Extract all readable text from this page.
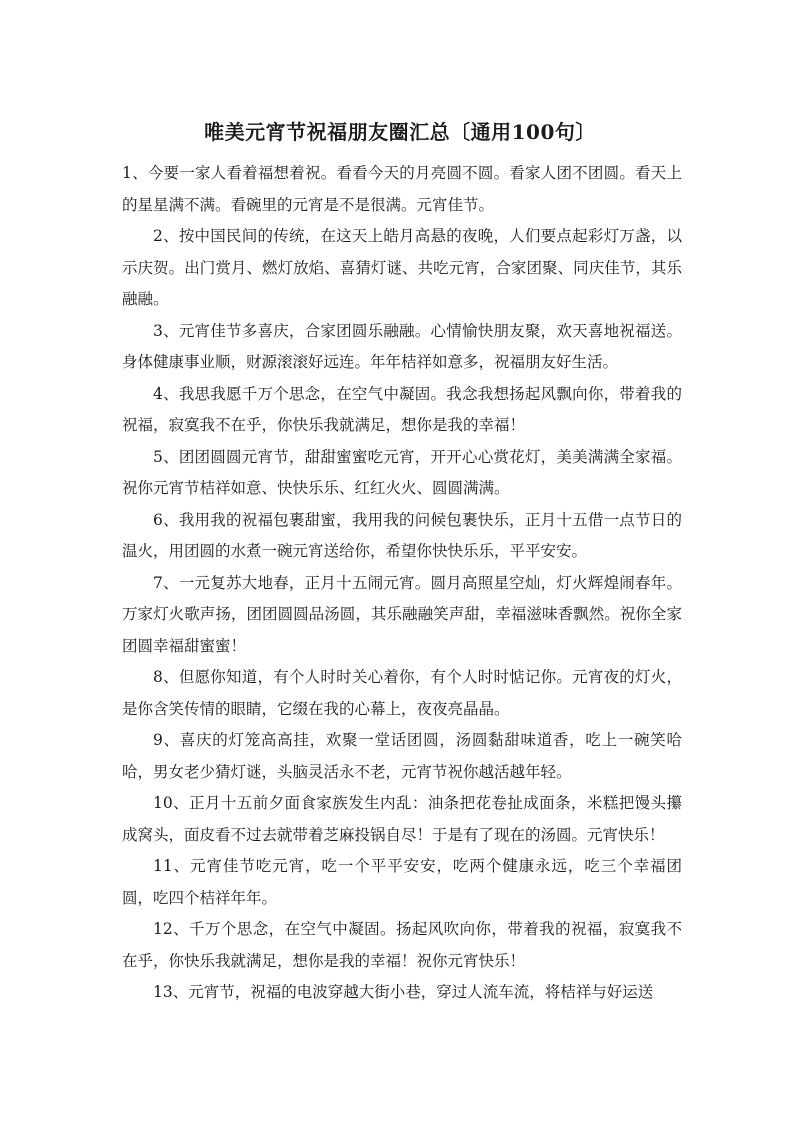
唯美元宵节祝福朋友圈汇总〔通用100句〕

1、今要一家人看着福想着祝。看看今天的月亮圆不圆。看家人团不团圆。看天上的星星满不满。看碗里的元宵是不是很满。元宵佳节。

2、按中国民间的传统，在这天上皓月高悬的夜晚，人们要点起彩灯万盏，以示庆贺。出门赏月、燃灯放焰、喜猜灯谜、共吃元宵，合家团聚、同庆佳节，其乐融融。

3、元宵佳节多喜庆，合家团圆乐融融。心情愉快朋友聚，欢天喜地祝福送。身体健康事业顺，财源滚滚好远连。年年桔祥如意多，祝福朋友好生活。

4、我思我愿千万个思念，在空气中凝固。我念我想扬起风飘向你，带着我的祝福，寂寞我不在乎，你快乐我就满足，想你是我的幸福！

5、团团圆圆元宵节，甜甜蜜蜜吃元宵，开开心心赏花灯，美美满满全家福。祝你元宵节桔祥如意、快快乐乐、红红火火、圆圆满满。

6、我用我的祝福包裹甜蜜，我用我的问候包裹快乐，正月十五借一点节日的温火，用团圆的水煮一碗元宵送给你，希望你快快乐乐，平平安安。

7、一元复苏大地春，正月十五闹元宵。圆月高照星空灿，灯火辉煌闹春年。万家灯火歌声扬，团团圆圆品汤圆，其乐融融笑声甜，幸福滋味香飘然。祝你全家团圆幸福甜蜜蜜！

8、但愿你知道，有个人时时关心着你，有个人时时惦记你。元宵夜的灯火，是你含笑传情的眼睛，它缀在我的心幕上，夜夜亮晶晶。

9、喜庆的灯笼高高挂，欢聚一堂话团圆，汤圆黏甜味道香，吃上一碗笑哈哈，男女老少猜灯谜，头脑灵活永不老，元宵节祝你越活越年轻。

10、正月十五前夕面食家族发生内乱：油条把花卷扯成面条，米糕把馒头攥成窝头，面皮看不过去就带着芝麻投锅自尽！于是有了现在的汤圆。元宵快乐！

11、元宵佳节吃元宵，吃一个平平安安，吃两个健康永远，吃三个幸福团圆，吃四个桔祥年年。

12、千万个思念，在空气中凝固。扬起风吹向你，带着我的祝福，寂寞我不在乎，你快乐我就满足，想你是我的幸福！祝你元宵快乐！

13、元宵节，祝福的电波穿越大街小巷，穿过人流车流，将桔祥与好运送
